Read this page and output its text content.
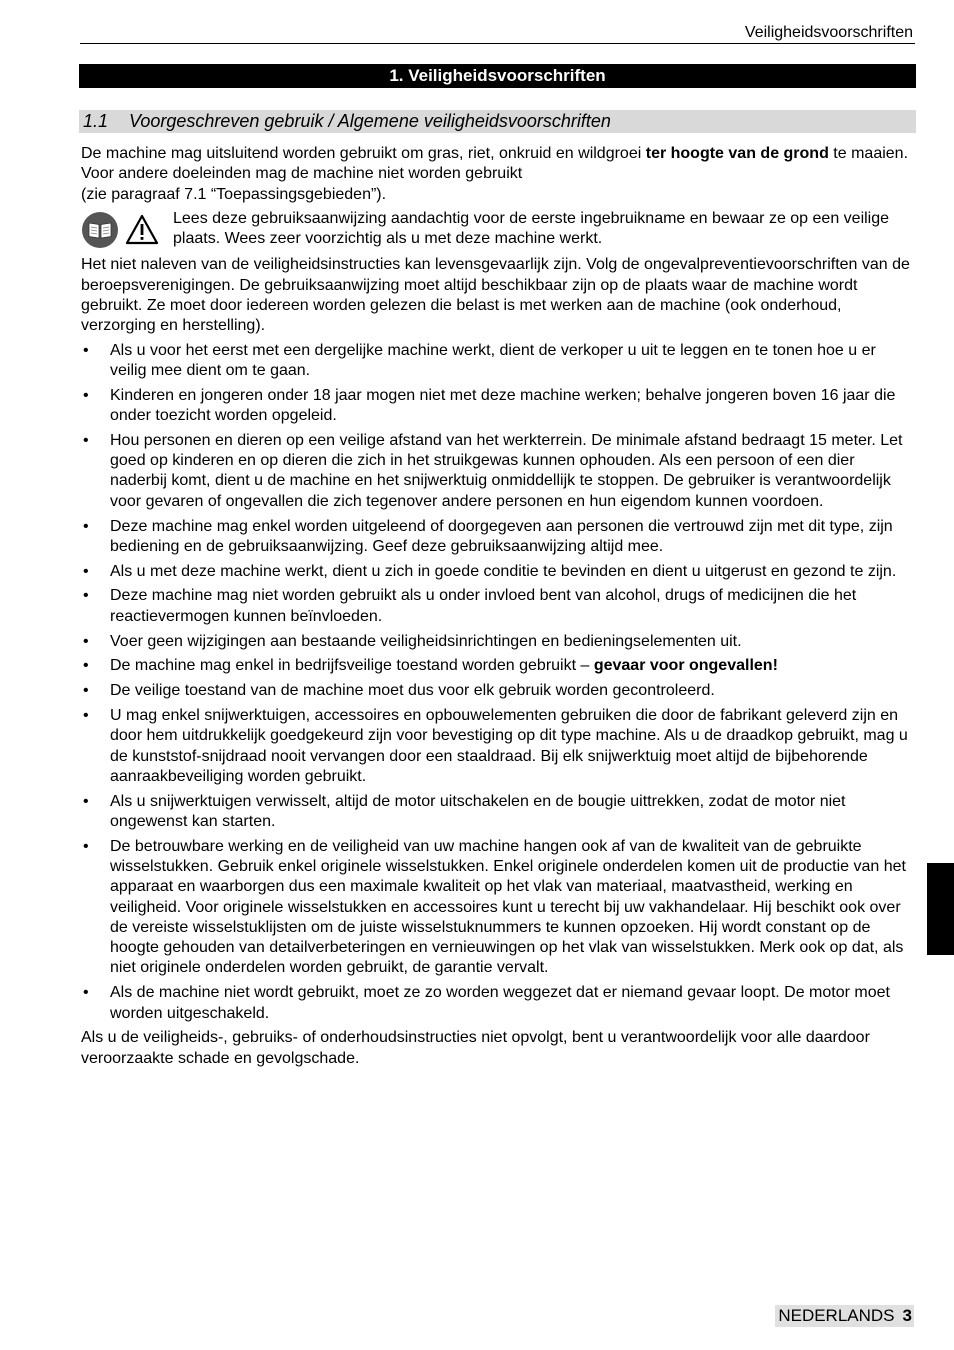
Veiligheidsvoorschriften
1. Veiligheidsvoorschriften
1.1 Voorgeschreven gebruik / Algemene veiligheidsvoorschriften

De machine mag uitsluitend worden gebruikt om gras, riet, onkruid en wildgroei ter hoogte van de grond te maaien. Voor andere doeleinden mag de machine niet worden gebruikt
(zie paragraaf 7.1 “Toepassingsgebieden”).

Lees deze gebruiksaanwijzing aandachtig voor de eerste ingebruikname en bewaar ze op een veilige plaats. Wees zeer voorzichtig als u met deze machine werkt.

Het niet naleven van de veiligheidsinstructies kan levensgevaarlijk zijn. Volg de ongevalpreventievoorschriften van de beroepsverenigingen. De gebruiksaanwijzing moet altijd beschikbaar zijn op de plaats waar de machine wordt gebruikt. Ze moet door iedereen worden gelezen die belast is met werken aan de machine (ook onderhoud, verzorging en herstelling).

• Als u voor het eerst met een dergelijke machine werkt, dient de verkoper u uit te leggen en te tonen hoe u er veilig mee dient om te gaan.
• Kinderen en jongeren onder 18 jaar mogen niet met deze machine werken; behalve jongeren boven 16 jaar die onder toezicht worden opgeleid.
• Hou personen en dieren op een veilige afstand van het werkterrein. De minimale afstand bedraagt 15 meter. Let goed op kinderen en op dieren die zich in het struikgewas kunnen ophouden. Als een persoon of een dier naderbij komt, dient u de machine en het snijwerktuig onmiddellijk te stoppen. De gebruiker is verantwoordelijk voor gevaren of ongevallen die zich tegenover andere personen en hun eigendom kunnen voordoen.
• Deze machine mag enkel worden uitgeleend of doorgegeven aan personen die vertrouwd zijn met dit type, zijn bediening en de gebruiksaanwijzing. Geef deze gebruiksaanwijzing altijd mee.
• Als u met deze machine werkt, dient u zich in goede conditie te bevinden en dient u uitgerust en gezond te zijn.
• Deze machine mag niet worden gebruikt als u onder invloed bent van alcohol, drugs of medicijnen die het reactievermogen kunnen beïnvloeden.
• Voer geen wijzigingen aan bestaande veiligheidsinrichtingen en bedieningselementen uit.
• De machine mag enkel in bedrijfsveilige toestand worden gebruikt – gevaar voor ongevallen!
• De veilige toestand van de machine moet dus voor elk gebruik worden gecontroleerd.
• U mag enkel snijwerktuigen, accessoires en opbouwelementen gebruiken die door de fabrikant geleverd zijn en door hem uitdrukkelijk goedgekeurd zijn voor bevestiging op dit type machine. Als u de draadkop gebruikt, mag u de kunststof-snijdraad nooit vervangen door een staaldraad. Bij elk snijwerktuig moet altijd de bijbehorende aanraakbeveiliging worden gebruikt.
• Als u snijwerktuigen verwisselt, altijd de motor uitschakelen en de bougie uittrekken, zodat de motor niet ongewenst kan starten.
• De betrouwbare werking en de veiligheid van uw machine hangen ook af van de kwaliteit van de gebruikte wisselstukken. Gebruik enkel originele wisselstukken. Enkel originele onderdelen komen uit de productie van het apparaat en waarborgen dus een maximale kwaliteit op het vlak van materiaal, maatvastheid, werking en veiligheid. Voor originele wisselstukken en accessoires kunt u terecht bij uw vakhandelaar. Hij beschikt ook over de vereiste wisselstuklijsten om de juiste wisselstuknummers te kunnen opzoeken. Hij wordt constant op de hoogte gehouden van detailverbeteringen en vernieuwingen op het vlak van wisselstukken. Merk ook op dat, als niet originele onderdelen worden gebruikt, de garantie vervalt.
• Als de machine niet wordt gebruikt, moet ze zo worden weggezet dat er niemand gevaar loopt. De motor moet worden uitgeschakeld.

Als u de veiligheids-, gebruiks- of onderhoudsinstructies niet opvolgt, bent u verantwoordelijk voor alle daardoor veroorzaakte schade en gevolgschade.

NEDERLANDS 3
